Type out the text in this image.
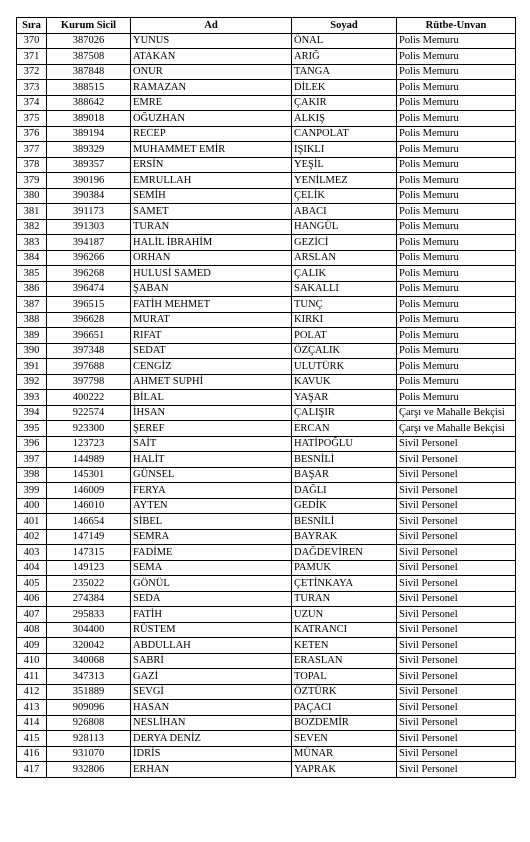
Sıra	Kurum Sicil	Ad	Soyad	Rütbe-Unvan
370	387026	YUNUS	ÖNAL	Polis Memuru
371	387508	ATAKAN	ARIĞ	Polis Memuru
372	387848	ONUR	TANGA	Polis Memuru
373	388515	RAMAZAN	DİLEK	Polis Memuru
374	388642	EMRE	ÇAKIR	Polis Memuru
375	389018	OĞUZHAN	ALKIŞ	Polis Memuru
376	389194	RECEP	CANPOLAT	Polis Memuru
377	389329	MUHAMMET EMİR	IŞIKLI	Polis Memuru
378	389357	ERSİN	YEŞİL	Polis Memuru
379	390196	EMRULLAH	YENİLMEZ	Polis Memuru
380	390384	SEMİH	ÇELİK	Polis Memuru
381	391173	SAMET	ABACI	Polis Memuru
382	391303	TURAN	HANGÜL	Polis Memuru
383	394187	HALİL İBRAHİM	GEZİCİ	Polis Memuru
384	396266	ORHAN	ARSLAN	Polis Memuru
385	396268	HULUSİ SAMED	ÇALIK	Polis Memuru
386	396474	ŞABAN	SAKALLI	Polis Memuru
387	396515	FATİH MEHMET	TUNÇ	Polis Memuru
388	396628	MURAT	KIRKI	Polis Memuru
389	396651	RIFAT	POLAT	Polis Memuru
390	397348	SEDAT	ÖZÇALIK	Polis Memuru
391	397688	CENGİZ	ULUTÜRK	Polis Memuru
392	397798	AHMET SUPHİ	KAVUK	Polis Memuru
393	400222	BİLAL	YAŞAR	Polis Memuru
394	922574	İHSAN	ÇALIŞIR	Çarşı ve Mahalle Bekçisi
395	923300	ŞEREF	ERCAN	Çarşı ve Mahalle Bekçisi
396	123723	SAİT	HATİPOĞLU	Sivil Personel
397	144989	HALİT	BESNİLİ	Sivil Personel
398	145301	GÜNSEL	BAŞAR	Sivil Personel
399	146009	FERYA	DAĞLI	Sivil Personel
400	146010	AYTEN	GEDİK	Sivil Personel
401	146654	SİBEL	BESNİLİ	Sivil Personel
402	147149	SEMRA	BAYRAK	Sivil Personel
403	147315	FADİME	DAĞDEVİREN	Sivil Personel
404	149123	SEMA	PAMUK	Sivil Personel
405	235022	GÖNÜL	ÇETİNKAYA	Sivil Personel
406	274384	SEDA	TURAN	Sivil Personel
407	295833	FATİH	UZUN	Sivil Personel
408	304400	RÜSTEM	KATRANCI	Sivil Personel
409	320042	ABDULLAH	KETEN	Sivil Personel
410	340068	SABRİ	ERASLAN	Sivil Personel
411	347313	GAZİ	TOPAL	Sivil Personel
412	351889	SEVGİ	ÖZTÜRK	Sivil Personel
413	909096	HASAN	PAÇACI	Sivil Personel
414	926808	NESLİHAN	BOZDEMİR	Sivil Personel
415	928113	DERYA DENİZ	SEVEN	Sivil Personel
416	931070	İDRİS	MÜNAR	Sivil Personel
417	932806	ERHAN	YAPRAK	Sivil Personel
